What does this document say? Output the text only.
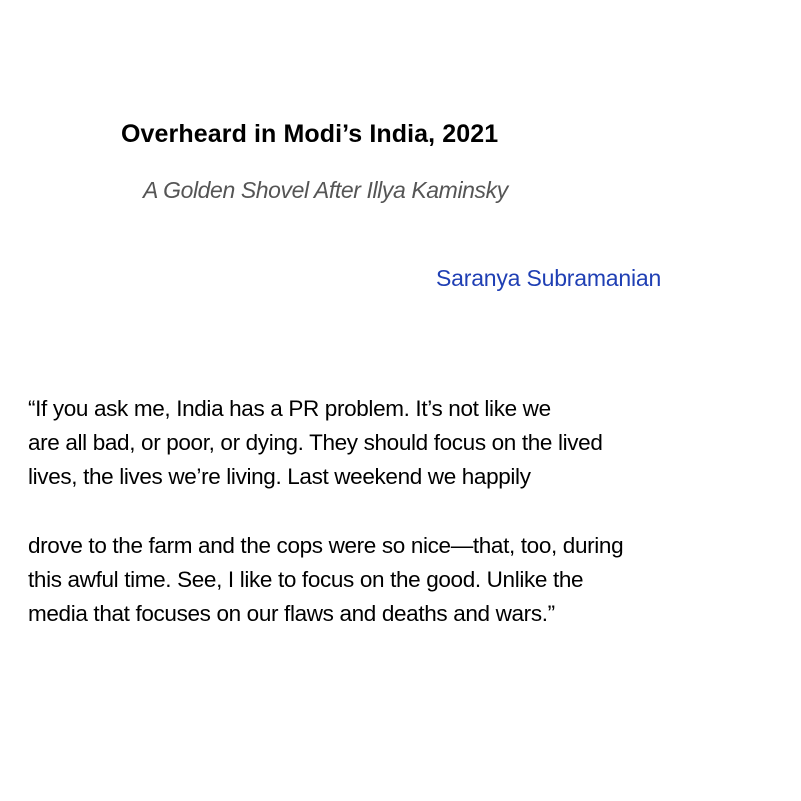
Overheard in Modi’s India, 2021
A Golden Shovel After Illya Kaminsky
Saranya Subramanian
“If you ask me, India has a PR problem. It’s not like we
are all bad, or poor, or dying. They should focus on the lived
lives, the lives we’re living. Last weekend we happily
drove to the farm and the cops were so nice—that, too, during
this awful time. See, I like to focus on the good. Unlike the
media that focuses on our flaws and deaths and wars.”
